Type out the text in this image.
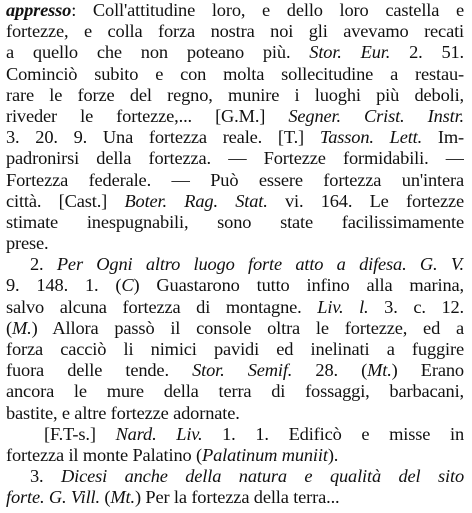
appresso: Coll'attitudine loro, e dello loro castella e
fortezze, e colla forza nostra noi gli avevamo recati
a quello che non poteano più. Stor. Eur. 2. 51.
Cominciò subito e con molta sollecitudine a restau-
rare le forze del regno, munire i luoghi più deboli,
riveder le fortezze,... [G.M.] Segner. Crist. Instr.
3. 20. 9. Una fortezza reale. [T.] Tasson. Lett. Im-
padronirsi della fortezza. — Fortezze formidabili. —
Fortezza federale. — Può essere fortezza un'intera
città. [Cast.] Boter. Rag. Stat. vi. 164. Le fortezze
stimate inespugnabili, sono state facilissimamente
prese.
2. Per Ogni altro luogo forte atto a difesa. G. V.
9. 148. 1. (C) Guastarono tutto infino alla marina,
salvo alcuna fortezza di montagne. Liv. l. 3. c. 12.
(M.) Allora passò il console oltra le fortezze, ed a
forza cacciò li nimici pavidi ed inelinati a fuggire
fuora delle tende. Stor. Semif. 28. (Mt.) Erano
ancora le mure della terra di fossaggi, barbacani,
bastite, e altre fortezze adornate.
[F.T-s.] Nard. Liv. 1. 1. Edificò e misse in
fortezza il monte Palatino (Palatinum muniit).
3. Dicesi anche della natura e qualità del sito
forte. G. Vill. (Mt.) Per la fortezza della terra...
